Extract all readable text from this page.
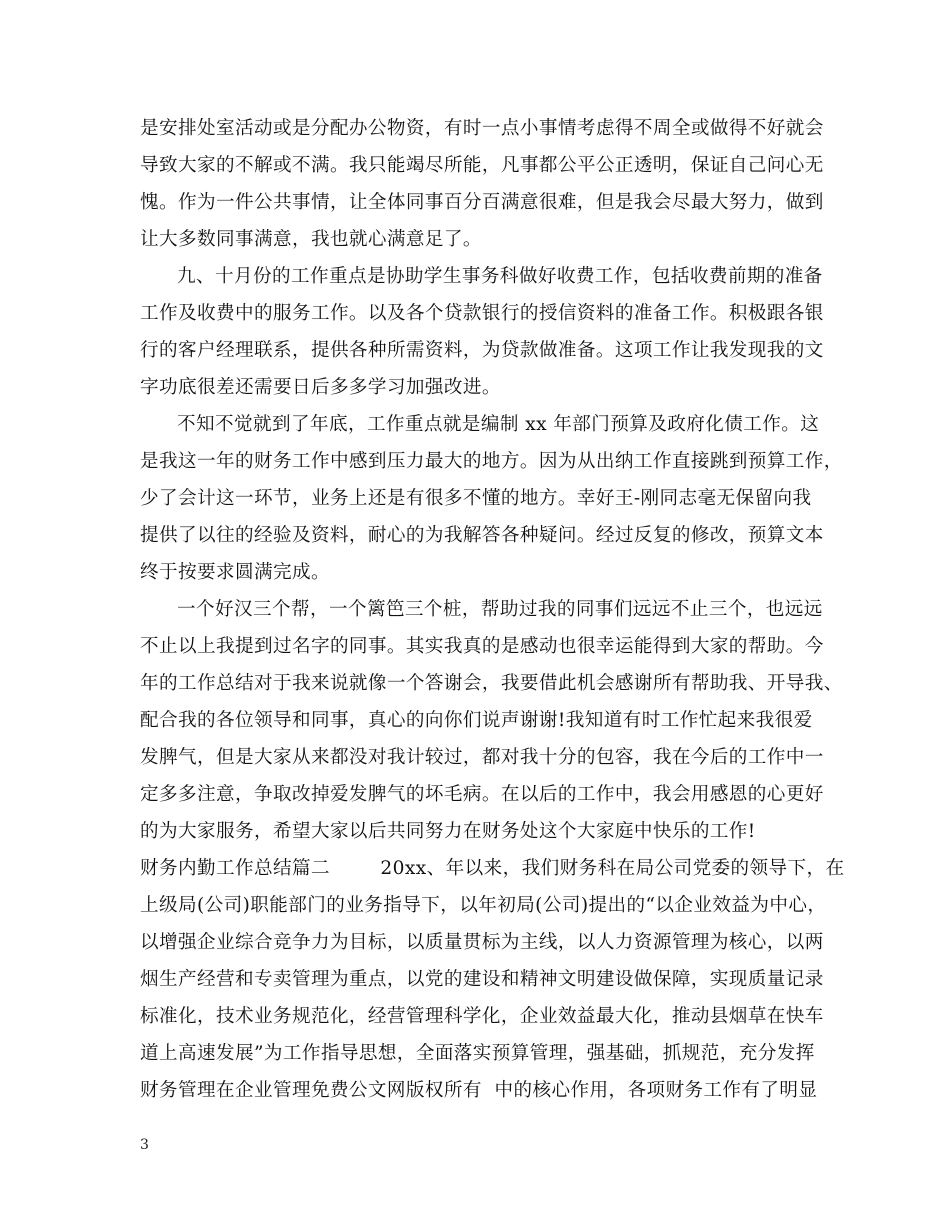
是安排处室活动或是分配办公物资，有时一点小事情考虑得不周全或做得不好就会
导致大家的不解或不满。我只能竭尽所能，凡事都公平公正透明，保证自己问心无
愧。作为一件公共事情，让全体同事百分百满意很难，但是我会尽最大努力，做到
让大多数同事满意，我也就心满意足了。
九、十月份的工作重点是协助学生事务科做好收费工作，包括收费前期的准备
工作及收费中的服务工作。以及各个贷款银行的授信资料的准备工作。积极跟各银
行的客户经理联系，提供各种所需资料，为贷款做准备。这项工作让我发现我的文
字功底很差还需要日后多多学习加强改进。
不知不觉就到了年底，工作重点就是编制 xx 年部门预算及政府化债工作。这
是我这一年的财务工作中感到压力最大的地方。因为从出纳工作直接跳到预算工作，
少了会计这一环节，业务上还是有很多不懂的地方。幸好王-刚同志毫无保留向我
提供了以往的经验及资料，耐心的为我解答各种疑问。经过反复的修改，预算文本
终于按要求圆满完成。
一个好汉三个帮，一个篱笆三个桩，帮助过我的同事们远远不止三个，也远远
不止以上我提到过名字的同事。其实我真的是感动也很幸运能得到大家的帮助。今
年的工作总结对于我来说就像一个答谢会，我要借此机会感谢所有帮助我、开导我、
配合我的各位领导和同事，真心的向你们说声谢谢!我知道有时工作忙起来我很爱
发脾气，但是大家从来都没对我计较过，都对我十分的包容，我在今后的工作中一
定多多注意，争取改掉爱发脾气的坏毛病。在以后的工作中，我会用感恩的心更好
的为大家服务，希望大家以后共同努力在财务处这个大家庭中快乐的工作!
财务内勤工作总结篇二        20xx、年以来，我们财务科在局公司党委的领导下，在
上级局(公司)职能部门的业务指导下，以年初局(公司)提出的“以企业效益为中心，
以增强企业综合竞争力为目标，以质量贯标为主线，以人力资源管理为核心，以两
烟生产经营和专卖管理为重点，以党的建设和精神文明建设做保障，实现质量记录
标准化，技术业务规范化，经营管理科学化，企业效益最大化，推动县烟草在快车
道上高速发展”为工作指导思想，全面落实预算管理，强基础，抓规范，充分发挥
财务管理在企业管理免费公文网版权所有  中的核心作用，各项财务工作有了明显
3
